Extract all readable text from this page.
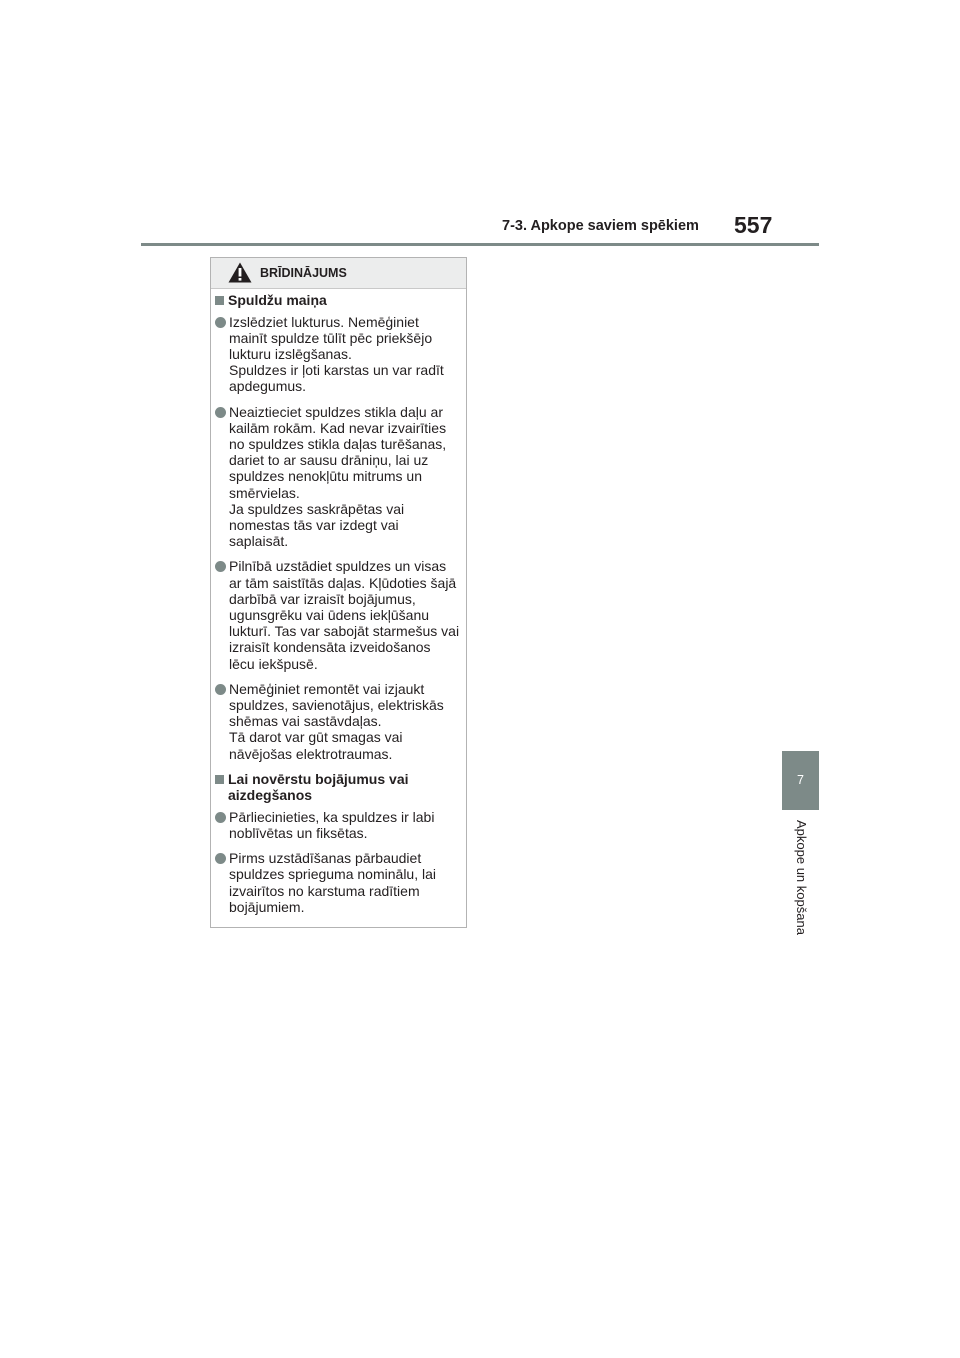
7-3. Apkope saviem spēkiem 557
7
Apkope un kopšana
BRĪDINĀJUMS
Spuldžu maiņa

Izslēdziet lukturus. Nemēģiniet mainīt spuldze tūlīt pēc priekšējo lukturu izslēgšanas.

Spuldzes ir ļoti karstas un var radīt apdegumus.

Neaiztieciet spuldzes stikla daļu ar kailām rokām. Kad nevar izvairīties no spuldzes stikla daļas turēšanas, dariet to ar sausu drāniņu, lai uz spuldzes nenokļūtu mitrums un smērvielas.

Ja spuldzes saskrāpētas vai nomestas tās var izdegt vai saplaisāt.

Pilnībā uzstādiet spuldzes un visas ar tām saistītās daļas. Kļūdoties šajā darbībā var izraisīt bojājumus, ugunsgrēku vai ūdens iekļūšanu lukturī. Tas var sabojāt starmešus vai izraisīt kondensāta izveidošanos lēcu iekšpusē.

Nemēģiniet remontēt vai izjaukt spuldzes, savienotājus, elektriskās shēmas vai sastāvdaļas.

Tā darot var gūt smagas vai nāvējošas elektrotraumas.

Lai novērstu bojājumus vai aizdegšanos

Pārliecinieties, ka spuldzes ir labi noblīvētas un fiksētas.

Pirms uzstādīšanas pārbaudiet spuldzes sprieguma nominālu, lai izvairītos no karstuma radītiem bojājumiem.
